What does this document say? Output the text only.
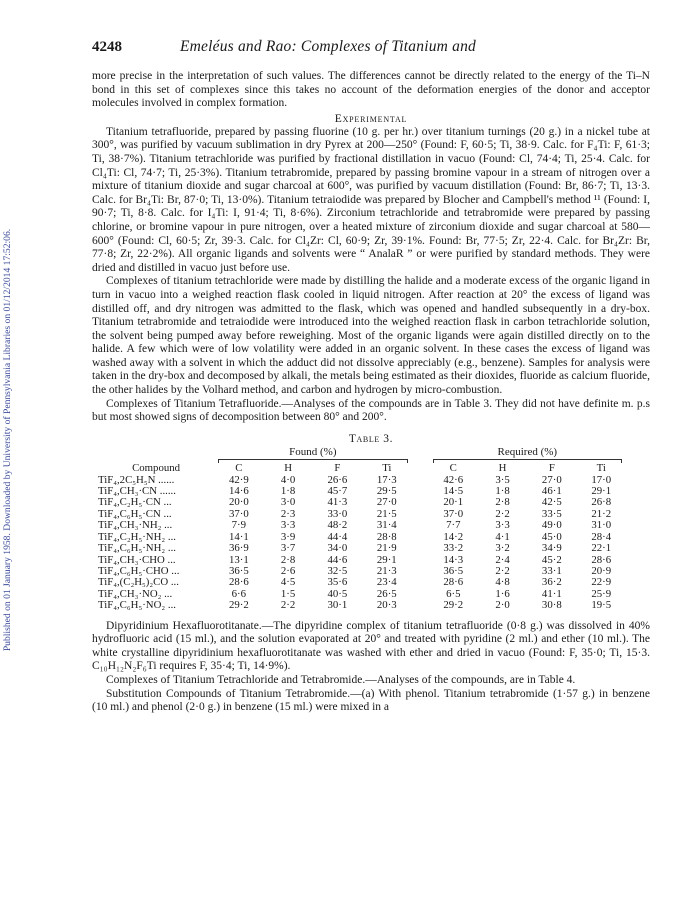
Published on 01 January 1958. Downloaded by University of Pennsylvania Libraries on 01/12/2014 17:52:06.
4248	Emeléus and Rao: Complexes of Titanium and

more precise in the interpretation of such values. The differences cannot be directly related to the energy of the Ti–N bond in this set of complexes since this takes no account of the deformation energies of the donor and acceptor molecules involved in complex formation.

Experimental

Titanium tetrafluoride, prepared by passing fluorine (10 g. per hr.) over titanium turnings (20 g.) in a nickel tube at 300°, was purified by vacuum sublimation in dry Pyrex at 200—250° (Found: F, 60·5; Ti, 38·9. Calc. for F₄Ti: F, 61·3; Ti, 38·7%). Titanium tetrachloride was purified by fractional distillation in vacuo (Found: Cl, 74·4; Ti, 25·4. Calc. for Cl₄Ti: Cl, 74·7; Ti, 25·3%). Titanium tetrabromide, prepared by passing bromine vapour in a stream of nitrogen over a mixture of titanium dioxide and sugar charcoal at 600°, was purified by vacuum distillation (Found: Br, 86·7; Ti, 13·3. Calc. for Br₄Ti: Br, 87·0; Ti, 13·0%). Titanium tetraiodide was prepared by Blocher and Campbell's method ¹¹ (Found: I, 90·7; Ti, 8·8. Calc. for I₄Ti: I, 91·4; Ti, 8·6%). Zirconium tetrachloride and tetrabromide were prepared by passing chlorine, or bromine vapour in pure nitrogen, over a heated mixture of zirconium dioxide and sugar charcoal at 580—600° (Found: Cl, 60·5; Zr, 39·3. Calc. for Cl₄Zr: Cl, 60·9; Zr, 39·1%. Found: Br, 77·5; Zr, 22·4. Calc. for Br₄Zr: Br, 77·8; Zr, 22·2%). All organic ligands and solvents were “ AnalaR ” or were purified by standard methods. They were dried and distilled in vacuo just before use.

Complexes of titanium tetrachloride were made by distilling the halide and a moderate excess of the organic ligand in turn in vacuo into a weighed reaction flask cooled in liquid nitrogen. After reaction at 20° the excess of ligand was distilled off, and dry nitrogen was admitted to the flask, which was opened and handled subsequently in a dry-box. Titanium tetrabromide and tetraiodide were introduced into the weighed reaction flask in carbon tetrachloride solution, the solvent being pumped away before reweighing. Most of the organic ligands were again distilled directly on to the halide. A few which were of low volatility were added in an organic solvent. In these cases the excess of ligand was washed away with a solvent in which the adduct did not dissolve appreciably (e.g., benzene). Samples for analysis were taken in the dry-box and decomposed by alkali, the metals being estimated as their dioxides, fluoride as calcium fluoride, the other halides by the Volhard method, and carbon and hydrogen by micro-combustion.

Complexes of Titanium Tetrafluoride.—Analyses of the compounds are in Table 3. They did not have definite m. p.s but most showed signs of decomposition between 80° and 200°.

Table 3.
	Found (%)					Required (%)			

Compound	C	H	F	Ti		C	H	F	Ti
TiF₄,2C₅H₅N ......	42·9	4·0	26·6	17·3		42·6	3·5	27·0	17·0
TiF₄,CH₃·CN ......	14·6	1·8	45·7	29·5		14·5	1·8	46·1	29·1
TiF₄,C₂H₅·CN ...	20·0	3·0	41·3	27·0		20·1	2·8	42·5	26·8
TiF₄,C₆H₅·CN ...	37·0	2·3	33·0	21·5		37·0	2·2	33·5	21·2
TiF₄,CH₃·NH₂ ...	7·9	3·3	48·2	31·4		7·7	3·3	49·0	31·0
TiF₄,C₂H₅·NH₂ ...	14·1	3·9	44·4	28·8		14·2	4·1	45·0	28·4
TiF₄,C₆H₅·NH₂ ...	36·9	3·7	34·0	21·9		33·2	3·2	34·9	22·1
TiF₄,CH₃·CHO ...	13·1	2·8	44·6	29·1		14·3	2·4	45·2	28·6
TiF₄,C₆H₅·CHO ...	36·5	2·6	32·5	21·3		36·5	2·2	33·1	20·9
TiF₄,(C₂H₅)₂CO ...	28·6	4·5	35·6	23·4		28·6	4·8	36·2	22·9
TiF₄,CH₃·NO₂ ...	6·6	1·5	40·5	26·5		6·5	1·6	41·1	25·9
TiF₄,C₆H₅·NO₂ ...	29·2	2·2	30·1	20·3		29·2	2·0	30·8	19·5

Dipyridinium Hexafluorotitanate.—The dipyridine complex of titanium tetrafluoride (0·8 g.) was dissolved in 40% hydrofluoric acid (15 ml.), and the solution evaporated at 20° and treated with pyridine (2 ml.) and ether (10 ml.). The white crystalline dipyridinium hexafluorotitanate was washed with ether and dried in vacuo (Found: F, 35·0; Ti, 15·3. C₁₀H₁₂N₂F₆Ti requires F, 35·4; Ti, 14·9%).

Complexes of Titanium Tetrachloride and Tetrabromide.—Analyses of the compounds, are in Table 4.

Substitution Compounds of Titanium Tetrabromide.—(a) With phenol. Titanium tetrabromide (1·57 g.) in benzene (10 ml.) and phenol (2·0 g.) in benzene (15 ml.) were mixed in a
